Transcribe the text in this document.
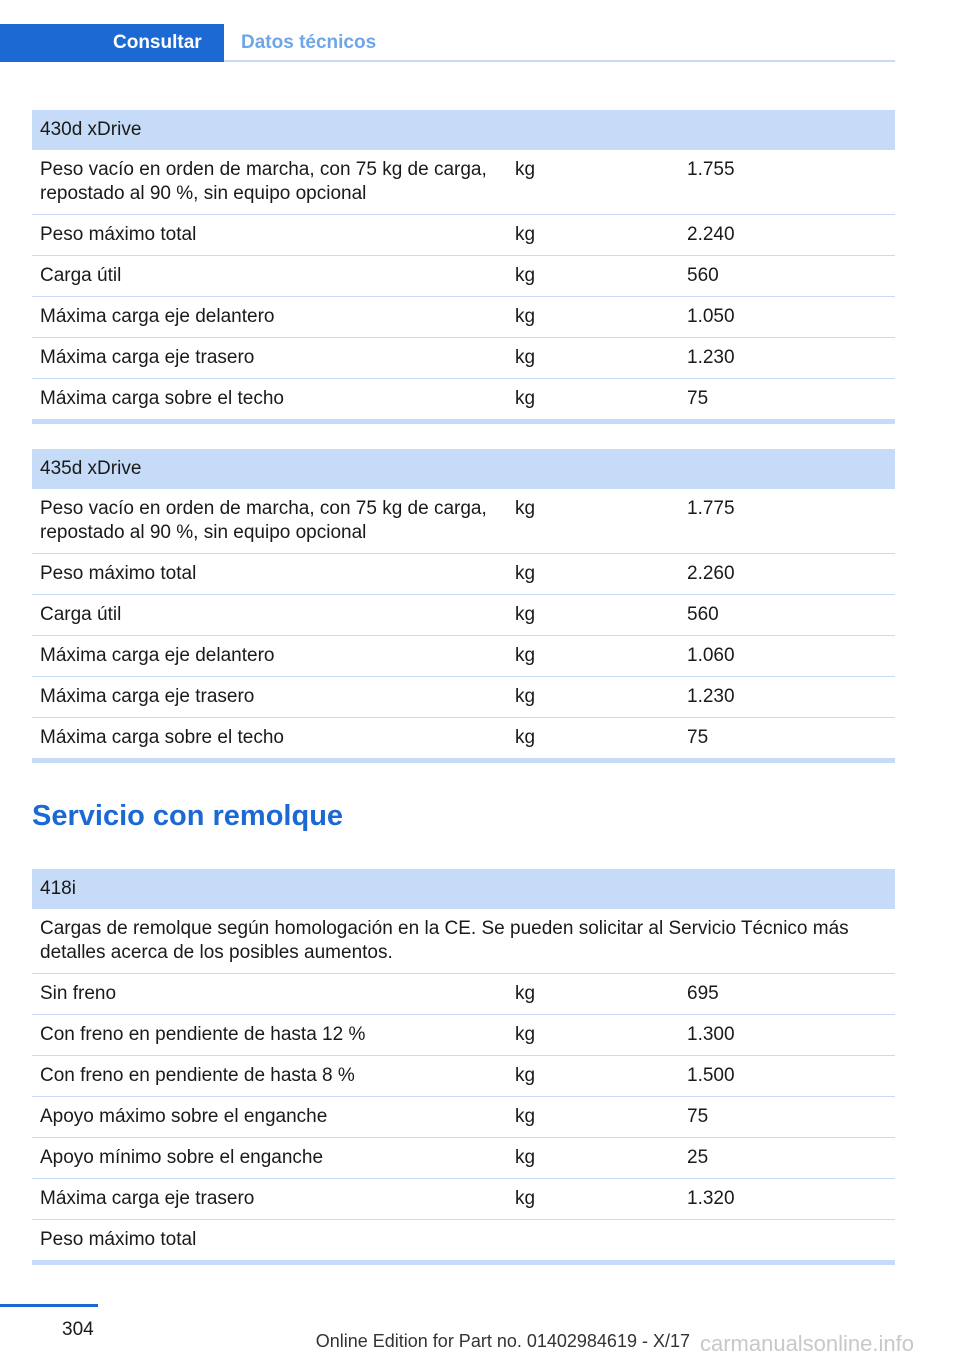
Consultar	Datos técnicos
430d xDrive		
Peso vacío en orden de marcha, con 75 kg de carga, repostado al 90 %, sin equipo opcional	kg	1.755
Peso máximo total	kg	2.240
Carga útil	kg	560
Máxima carga eje delantero	kg	1.050
Máxima carga eje trasero	kg	1.230
Máxima carga sobre el techo	kg	75
435d xDrive		
Peso vacío en orden de marcha, con 75 kg de carga, repostado al 90 %, sin equipo opcional	kg	1.775
Peso máximo total	kg	2.260
Carga útil	kg	560
Máxima carga eje delantero	kg	1.060
Máxima carga eje trasero	kg	1.230
Máxima carga sobre el techo	kg	75
Servicio con remolque
418i		
Cargas de remolque según homologación en la CE. Se pueden solicitar al Servicio Técnico más detalles acerca de los posibles aumentos.		
Sin freno	kg	695
Con freno en pendiente de hasta 12 %	kg	1.300
Con freno en pendiente de hasta 8 %	kg	1.500
Apoyo máximo sobre el enganche	kg	75
Apoyo mínimo sobre el enganche	kg	25
Máxima carga eje trasero	kg	1.320
Peso máximo total		
304
Online Edition for Part no. 01402984619 - X/17 carmanualsonline.info
